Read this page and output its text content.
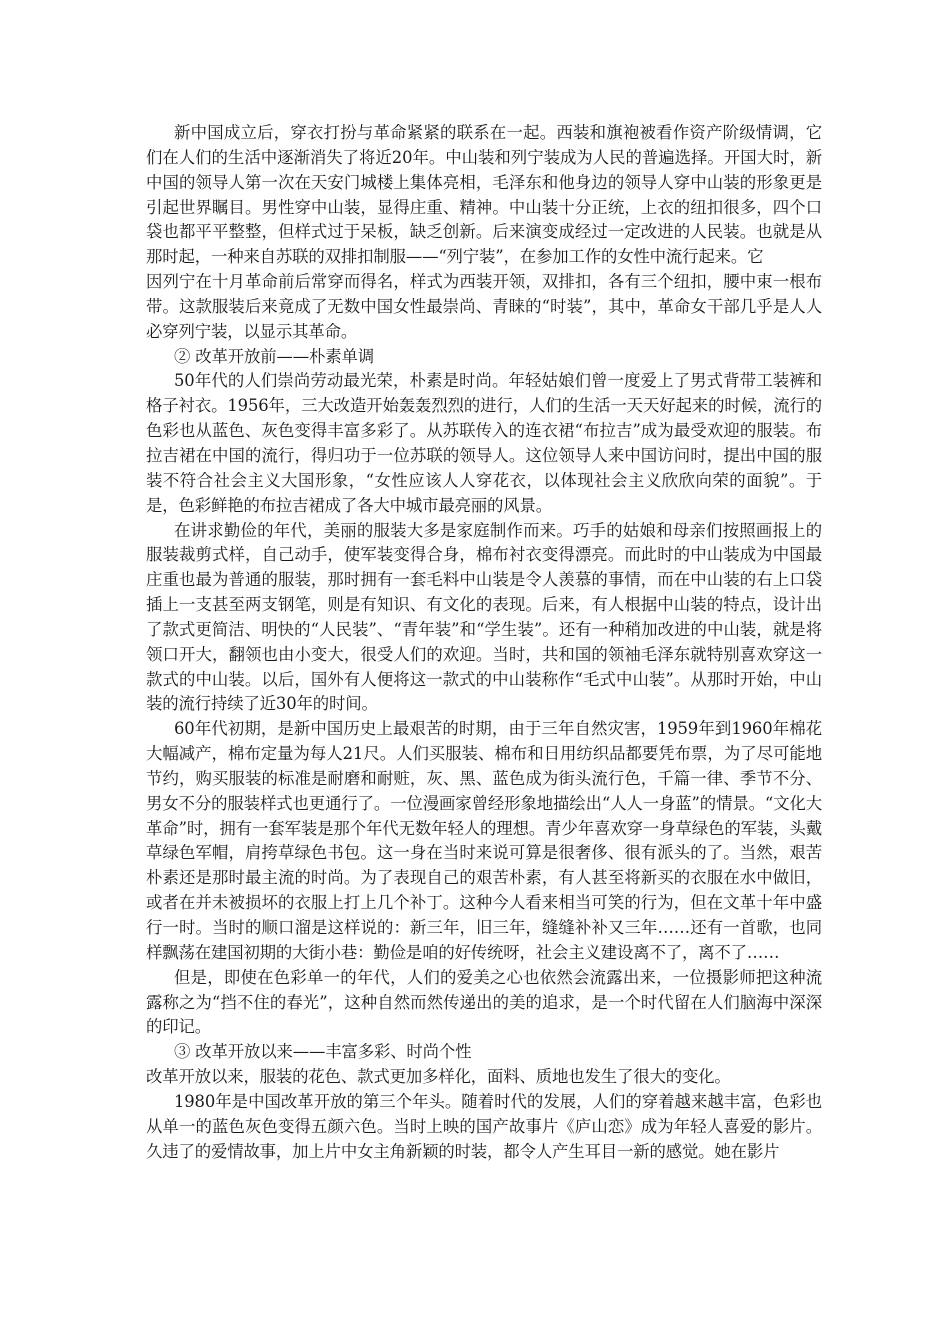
新中国成立后，穿衣打扮与革命紧紧的联系在一起。西装和旗袍被看作资产阶级情调，它们在人们的生活中逐渐消失了将近20年。中山装和列宁装成为人民的普遍选择。开国大时，新中国的领导人第一次在天安门城楼上集体亮相，毛泽东和他身边的领导人穿中山装的形象更是引起世界瞩目。男性穿中山装，显得庄重、精神。中山装十分正统，上衣的纽扣很多，四个口袋也都平平整整，但样式过于呆板，缺乏创新。后来演变成经过一定改进的人民装。也就是从那时起，一种来自苏联的双排扣制服——“列宁装”，在参加工作的女性中流行起来。它

因列宁在十月革命前后常穿而得名，样式为西装开领，双排扣，各有三个纽扣，腰中束一根布带。这款服装后来竟成了无数中国女性最崇尚、青睐的“时装”，其中，革命女干部几乎是人人必穿列宁装，以显示其革命。

② 改革开放前——朴素单调

50年代的人们崇尚劳动最光荣，朴素是时尚。年轻姑娘们曾一度爱上了男式背带工装裤和格子衬衣。1956年，三大改造开始轰轰烈烈的进行，人们的生活一天天好起来的时候，流行的色彩也从蓝色、灰色变得丰富多彩了。从苏联传入的连衣裙“布拉吉”成为最受欢迎的服装。布拉吉裙在中国的流行，得归功于一位苏联的领导人。这位领导人来中国访问时，提出中国的服装不符合社会主义大国形象，“女性应该人人穿花衣，以体现社会主义欣欣向荣的面貌”。于是，色彩鲜艳的布拉吉裙成了各大中城市最亮丽的风景。

在讲求勤俭的年代，美丽的服装大多是家庭制作而来。巧手的姑娘和母亲们按照画报上的服装裁剪式样，自己动手，使军装变得合身，棉布衬衣变得漂亮。而此时的中山装成为中国最庄重也最为普通的服装，那时拥有一套毛料中山装是令人羡慕的事情，而在中山装的右上口袋插上一支甚至两支钢笔，则是有知识、有文化的表现。后来，有人根据中山装的特点，设计出了款式更简洁、明快的“人民装”、“青年装”和“学生装”。还有一种稍加改进的中山装，就是将领口开大，翻领也由小变大，很受人们的欢迎。当时，共和国的领袖毛泽东就特别喜欢穿这一款式的中山装。以后，国外有人便将这一款式的中山装称作“毛式中山装”。从那时开始，中山装的流行持续了近30年的时间。

60年代初期，是新中国历史上最艰苦的时期，由于三年自然灾害，1959年到1960年棉花大幅减产，棉布定量为每人21尺。人们买服装、棉布和日用纺织品都要凭布票，为了尽可能地节约，购买服装的标准是耐磨和耐赃，灰、黑、蓝色成为街头流行色，千篇一律、季节不分、男女不分的服装样式也更通行了。一位漫画家曾经形象地描绘出“人人一身蓝”的情景。“文化大革命”时，拥有一套军装是那个年代无数年轻人的理想。青少年喜欢穿一身草绿色的军装，头戴草绿色军帽，肩挎草绿色书包。这一身在当时来说可算是很奢侈、很有派头的了。当然，艰苦朴素还是那时最主流的时尚。为了表现自己的艰苦朴素，有人甚至将新买的衣服在水中做旧，或者在并未被损坏的衣服上打上几个补丁。这种今人看来相当可笑的行为，但在文革十年中盛行一时。当时的顺口溜是这样说的：新三年，旧三年，缝缝补补又三年……还有一首歌，也同样飘荡在建国初期的大街小巷：勤俭是咱的好传统呀，社会主义建设离不了，离不了……

但是，即使在色彩单一的年代，人们的爱美之心也依然会流露出来，一位摄影师把这种流露称之为“挡不住的春光”，这种自然而然传递出的美的追求，是一个时代留在人们脑海中深深的印记。

③ 改革开放以来——丰富多彩、时尚个性

改革开放以来，服装的花色、款式更加多样化，面料、质地也发生了很大的变化。

1980年是中国改革开放的第三个年头。随着时代的发展，人们的穿着越来越丰富，色彩也从单一的蓝色灰色变得五颜六色。当时上映的国产故事片《庐山恋》成为年轻人喜爱的影片。久违了的爱情故事，加上片中女主角新颖的时装，都令人产生耳目一新的感觉。她在影片
